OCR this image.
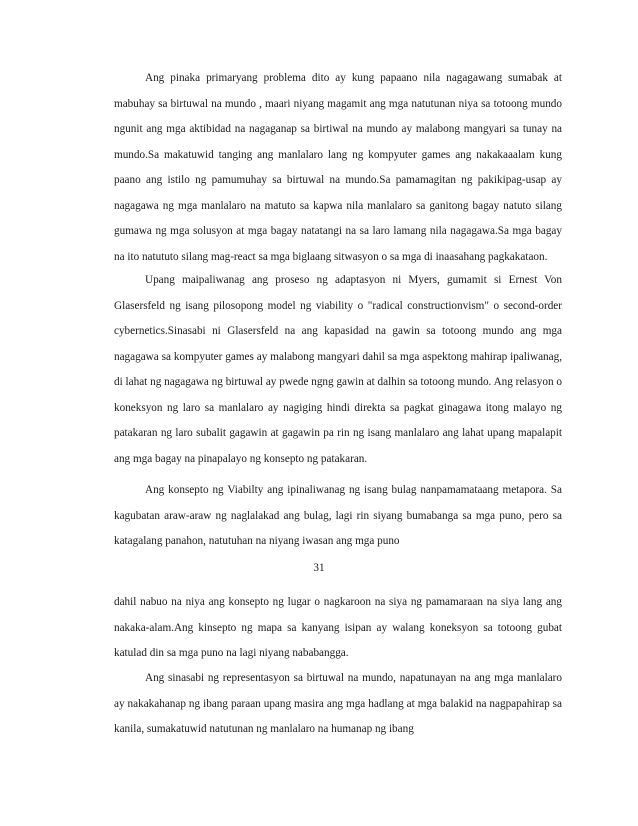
Ang pinaka primaryang problema dito ay kung papaano nila nagagawang sumabak at mabuhay sa birtuwal na mundo , maari niyang magamit ang mga natutunan niya sa totoong mundo ngunit ang mga aktibidad na nagaganap sa birtiwal na mundo ay malabong mangyari sa tunay na mundo.Sa makatuwid tanging ang manlalaro lang ng kompyuter games ang nakakaaalam kung paano ang istilo ng pamumuhay sa birtuwal na mundo.Sa pamamagitan ng pakikipag-usap ay nagagawa ng mga manlalaro na matuto sa kapwa nila manlalaro sa ganitong bagay natuto silang gumawa ng mga solusyon at mga bagay natatangi na sa laro lamang nila nagagawa.Sa mga bagay na ito natututo silang mag-react sa mga biglaang sitwasyon o sa mga di inaasahang pagkakataon.

Upang maipaliwanag ang proseso ng adaptasyon ni Myers, gumamit si Ernest Von Glasersfeld ng isang pilosopong model ng viability o "radical constructionvism" o second-order cybernetics.Sinasabi ni Glasersfeld na ang kapasidad na gawin sa totoong mundo ang mga nagagawa sa kompyuter games ay malabong mangyari dahil sa mga aspektong mahirap ipaliwanag, di lahat ng nagagawa ng birtuwal ay pwede ngng gawin at dalhin sa totoong mundo. Ang relasyon o koneksyon ng laro sa manlalaro ay nagiging hindi direkta sa pagkat ginagawa itong malayo ng patakaran ng laro subalit gagawin at gagawin pa rin ng isang manlalaro ang lahat upang mapalapit ang mga bagay na pinapalayo ng konsepto ng patakaran.

Ang konsepto ng Viabilty ang ipinaliwanag ng isang bulag nanpamamataang metapora. Sa kagubatan araw-araw ng naglalakad ang bulag, lagi rin siyang bumabanga sa mga puno, pero sa katagalang panahon, natutuhan na niyang iwasan ang mga puno

31

dahil nabuo na niya ang konsepto ng lugar o nagkaroon na siya ng pamamaraan na siya lang ang nakaka-alam.Ang kinsepto ng mapa sa kanyang isipan ay walang koneksyon sa totoong gubat katulad din sa mga puno na lagi niyang nababangga.

Ang sinasabi ng representasyon sa birtuwal na mundo, napatunayan na ang mga manlalaro ay nakakahanap ng ibang paraan upang masira ang mga hadlang at mga balakid na nagpapahirap sa kanila, sumakatuwid natutunan ng manlalaro na humanap ng ibang
